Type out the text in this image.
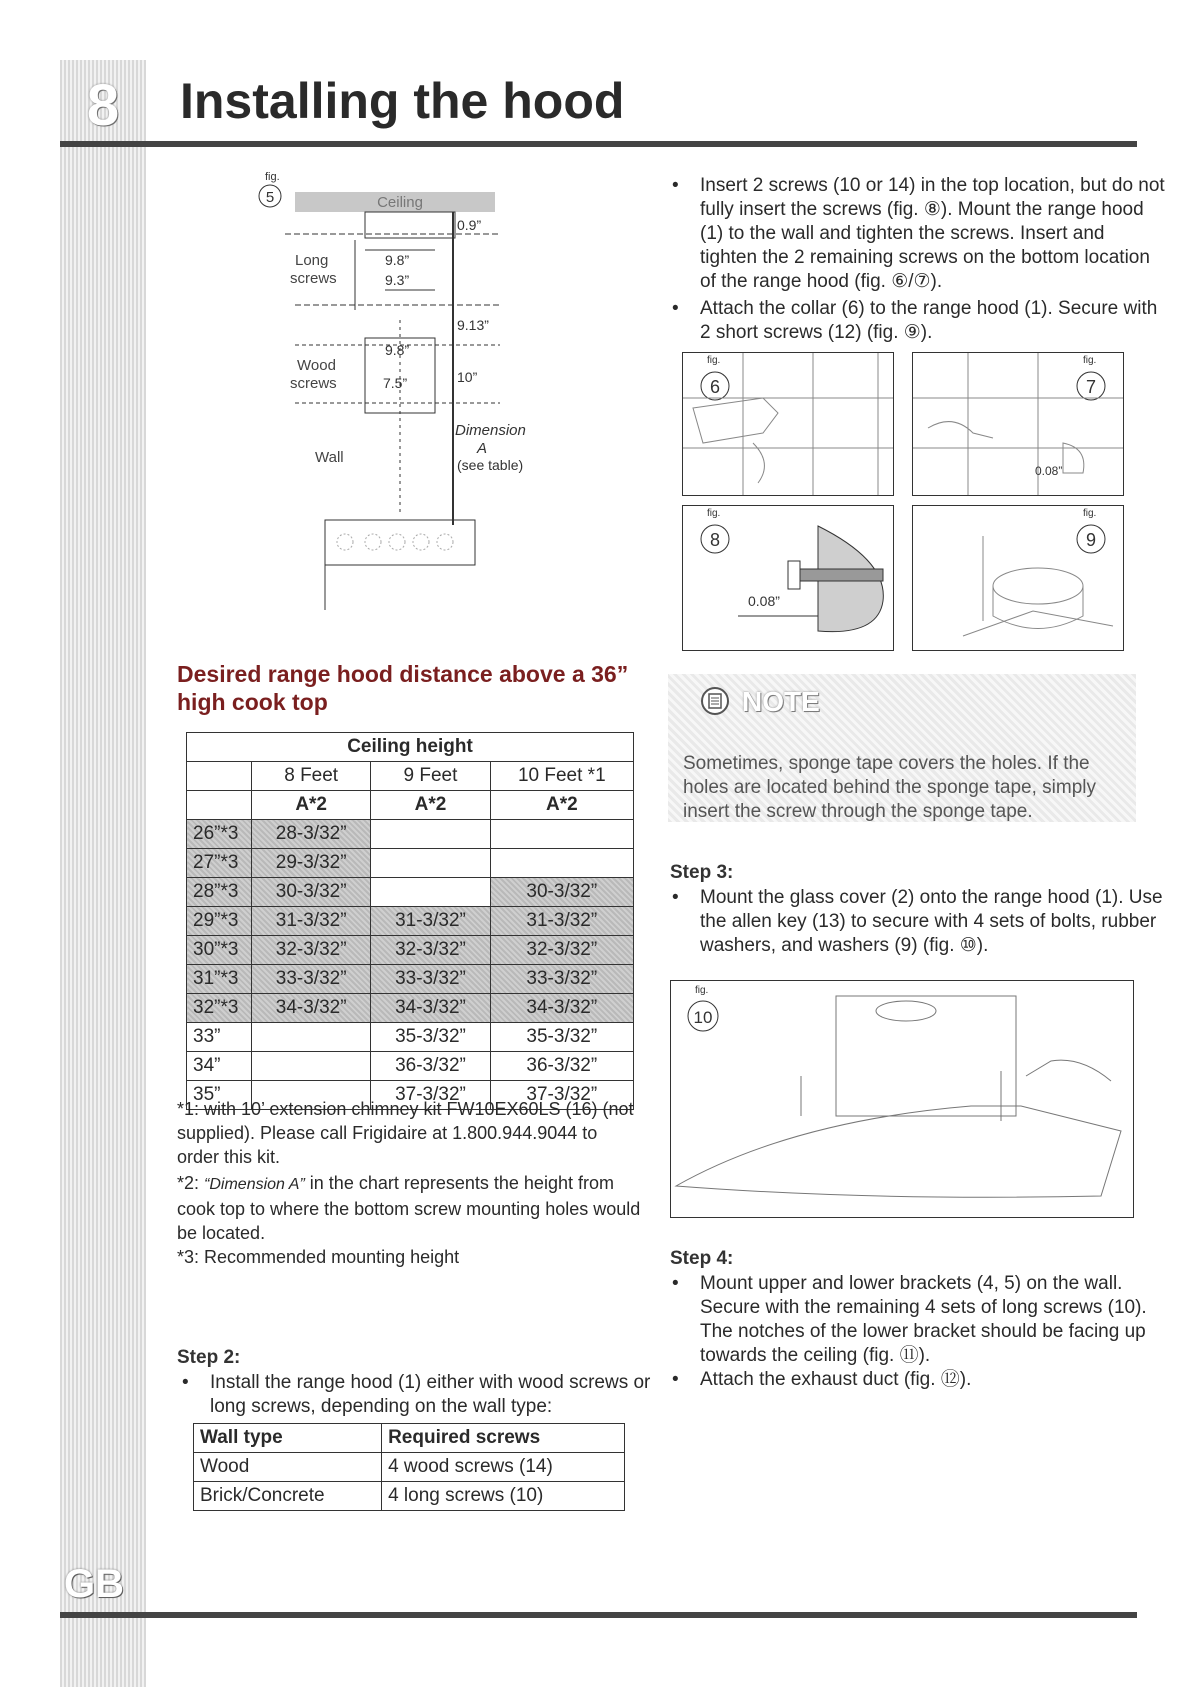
8	Installing the hood
fig.
5	Ceiling
0.9”
9.8”
Long
screws	9.3”
9.13”
9.8”
Wood
screws	7.5”	10”
Dimension
A
(see table)
Wall
Desired range hood distance above a 36” high cook top
Ceiling height			
	8 Feet	9 Feet	10 Feet *1
	A*2	A*2	A*2
26”*3	28-3/32”		
27”*3	29-3/32”		
28”*3	30-3/32”		30-3/32”
29”*3	31-3/32”	31-3/32”	31-3/32”
30”*3	32-3/32”	32-3/32”	32-3/32”
31”*3	33-3/32”	33-3/32”	33-3/32”
32”*3	34-3/32”	34-3/32”	34-3/32”
33”		35-3/32”	35-3/32”
34”		36-3/32”	36-3/32”
35”		37-3/32”	37-3/32”
*1: with 10’ extension chimney kit FW10EX60LS (16) (not supplied). Please call Frigidaire at 1.800.944.9044 to order this kit.
*2: “Dimension A” in the chart represents the height from cook top to where the bottom screw mounting holes would be located.
*3: Recommended mounting height
Step 2:
• Install the range hood (1) either with wood screws or long screws, depending on the wall type:
Wall type	Required screws
Wood	4 wood screws (14)
Brick/Concrete	4 long screws (10)
• Insert 2 screws (10 or 14) in the top location, but do not fully insert the screws (fig. ⑧). Mount the range hood (1) to the wall and tighten the screws. Insert and tighten the 2 remaining screws on the bottom location of the range hood (fig. ⑥/⑦).
• Attach the collar (6) to the range hood (1). Secure with 2 short screws (12) (fig. ⑨).
fig.
6
fig.
7
0.08”
fig.
8
0.08”
fig.
9
NOTE
Sometimes, sponge tape covers the holes. If the holes are located behind the sponge tape, simply insert the screw through the sponge tape.
Step 3:
• Mount the glass cover (2) onto the range hood (1). Use the allen key (13) to secure with 4 sets of bolts, rubber washers, and washers (9) (fig. ⑩).
fig.
10
Step 4:
• Mount upper and lower brackets (4, 5) on the wall. Secure with the remaining 4 sets of long screws (10). The notches of the lower bracket should be facing up towards the ceiling (fig. ⑪).
• Attach the exhaust duct (fig. ⑫).
GB
